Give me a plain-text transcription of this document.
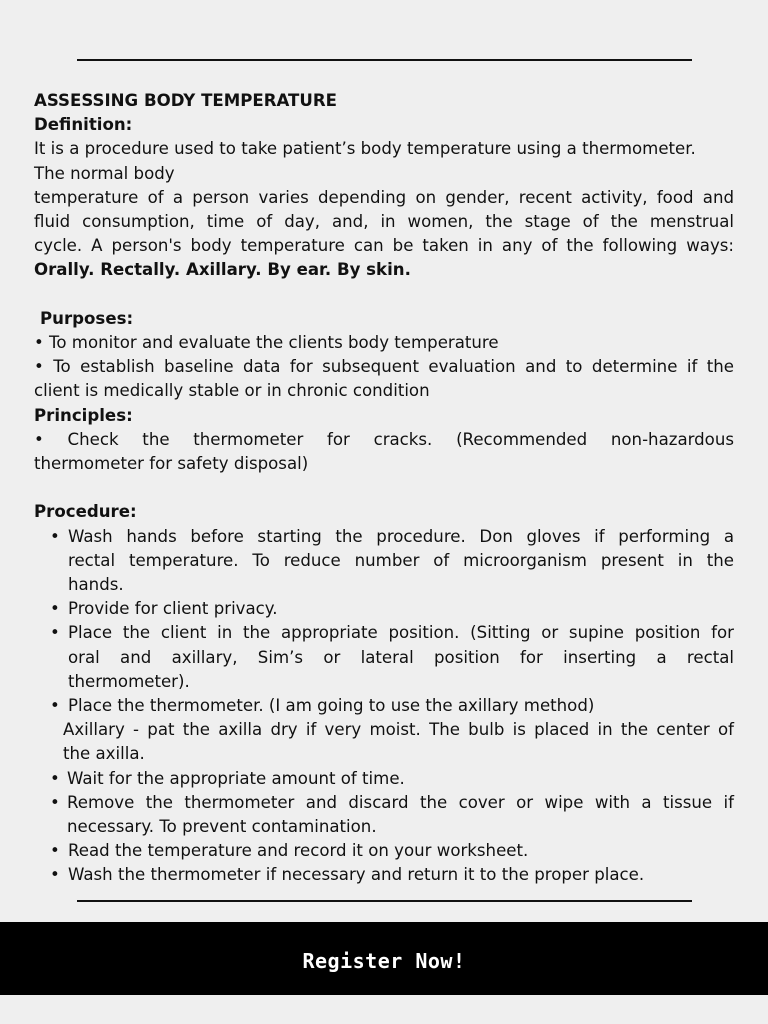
ASSESSING BODY TEMPERATURE
Definition:
It is a procedure used to take patient’s body temperature using a thermometer.
The normal body
temperature of a person varies depending on gender, recent activity, food and
fluid consumption, time of day, and, in women, the stage of the menstrual
cycle. A person's body temperature can be taken in any of the following ways:
Orally. Rectally. Axillary. By ear. By skin.
Purposes:
• To monitor and evaluate the clients body temperature
• To establish baseline data for subsequent evaluation and to determine if the
client is medically stable or in chronic condition
Principles:
• Check the thermometer for cracks. (Recommended non-hazardous
thermometer for safety disposal)
Procedure:
• Wash hands before starting the procedure. Don gloves if performing a
rectal temperature. To reduce number of microorganism present in the
hands.
• Provide for client privacy.
• Place the client in the appropriate position. (Sitting or supine position for
oral and axillary, Sim’s or lateral position for inserting a rectal
thermometer).
• Place the thermometer. (I am going to use the axillary method)
Axillary - pat the axilla dry if very moist. The bulb is placed in the center of
the axilla.
• Wait for the appropriate amount of time.
• Remove the thermometer and discard the cover or wipe with a tissue if
necessary. To prevent contamination.
• Read the temperature and record it on your worksheet.
• Wash the thermometer if necessary and return it to the proper place.
Register Now!
